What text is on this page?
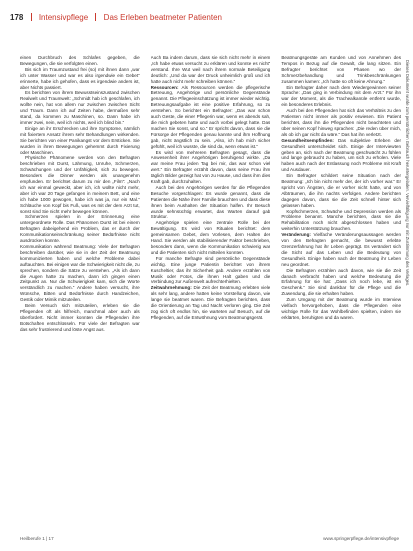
178 Intensivpflege Das Erleben beatmeter Patienten

einen Durchbruch des Schlafes gegeben, die Bewegungen, die sie verfolgten einen.

Bis sich im Traumzustand frei (so) mit ihnen dann „war ich unter Wasser und war es also irgendwie ein Gebet“ erinnerte, habe ich gehofen, dass es irgendwie anders ist, aber Nichts passiert.

Es berichten von ihrem Bewusstseinszustand zwischen Realwelt und Traumwelt: „Schmidt hab ich geschlafen, ich wollte nein, hat von allem nur zwischen zwischen Sicht und Traum. Dann ich auf Zeiten habe, dermaßen sehr stand, da kommen zu Maschinen, so. Dann habe ich immer zwei, nein, weil ich nichts, weil ich blind bin.“

Einige an ihr Erschrecken und ihre Symptome, nämlich mit fixiertem Ansatz ihrem sehr Behandlungen wirkenden. Sie berichten von einer Panikangst vor dem Ersticken. Sie wurden in ihren Bewegungen gehemmt durch Fixierung oder Maschinen.

Physische Phänomene werden von den Befragten beschrieben mit Durst, Lähmung, Unruhe, Schmerzen, Schwächungen und der Unfähigkeit, sich zu bewegen. Besonders die Dinner werden als unangenehm empfunden. Er berichtet darum zu mir den „Film“: „Nach ich war einmal geweckt, aber ich, ich wollte nicht mehr, aber ich war 20 Tage gefangen in meinem Bett, und eine ich habe 1000 gewogen, habe ich was ja, nur ein Mal.“ Schläuche von Kopf bis Fuß, was es mit der dem Arzt tut, sonst sind Sie nicht mehr bewegen können.

Schmerzen spielen in der Erinnerung eine untergeordnete Rolle. Das Phänomen Durst ist bei einem Befragten dabeigehend ein Problem, das er durch der Kommunikationseinschränkung seiner Bedürfnisse nicht ausdrücken konnte.

Kommunikation während Beatmung: Viele der Befragten beschreiben darüber, wie sie in der Zeit der Beatmung kommunizierten haben und welche Probleme dabei auftauchten. Bei einigen war die Schwierigkeit nicht die, zu sprechen, sondern die Sätze zu verstehen. „Als ich dann die Augen hatte zu machen, dann ich gingen einen Zeitpunkt an. Nur die Schwierigkeit kam, sich die Worte verständlich zu machen.“ Andere haben versucht, ihre Wünsche, Bitten und Bedürfnisse durch Handzeichen, Gestik oder Mimik mitzuteilen.

Beim Versuch sich mitzuteilen, erleben sie die Pflegenden oft als hilfreich, manchmal aber auch als überfordert. Nicht immer konnten die Pflegenden ihre Botschaften entschlüsseln. Für viele der Befragten war das sehr frustrierend und löste Angst aus.

Auch Ba indem darum, dass sie sich nicht mehr in einem „Ich habe etwas versucht zu erklären und konnte es nicht“ verstand. Ihre Wut weil nach ihrem normale Beteiligung deutlich: „Und da war der Druck unheimlich groß und ich hatte auch nicht mehr schreiben können.“

Ressourcen: Als Ressourcen werden die pflegerische Betreuung, Angehörige und persönliche Gegenstände genannt. Die Pflegeeinschätzung ist immer wieder wichtig. Betreuungsaufgabe ist eine positive Erfahrung, so zu verstehen. So berichtet ein Befragter: „Das war schon auch Geste, die einer Pflegerin war, wenn es abends sah, die mich gebeten hatte und auch vorbei gelegt hatte. Das machen Sie sonst, und so.“ Er spricht davon, dass sie die Fürsorge der Pflegenden genau kannte und ihm Hoffnung gab, nicht ängstlich zu sein. „Also, ich hab mich sicher gefühlt, weil ich wusste, die sind da, wenn etwas ist.“

Es wird von mehreren Befragten gesagt, dass die Anwesenheit ihrer Angehörigen beruhigend wirkte. „Da war meine Frau jeden Tag bei mir, das war schon viel wert.“ Ein Befragter erzählt davon, dass seine Frau ihm täglich Bilder gezeigt hat von zu Hause, und dass ihm dies Kraft gab, durchzuhalten.

Auch bei den Angehörigen werden für die Pflegenden Besuche vorgeschlagen: Es wurde genannt, dass die Patienten die Nähe ihrer Familie brauchten und dass diese ihnen beim Aushalten der Situation halfen. Ihr Besuch wurde sehnsüchtig erwartet, das Warten darauf gab Struktur.

Angehörige spielen eine zentrale Rolle bei der Bewältigung. Es wird von Ritualen berichtet: dem gemeinsamen Gebet, dem Vorlesen, dem Halten der Hand. Sie werden als stabilisierender Faktor beschrieben, besonders dann, wenn die Kommunikation schwierig war und die Patienten sich nicht mitteilen konnten.

Für manche Befragte sind persönliche Gegenstände wichtig. Eine junge Patientin berichtet von ihrem Kuscheltier, das ihr Sicherheit gab. Andere erzählen von Musik oder Fotos, die ihnen Halt gaben und die Verbindung zur Außenwelt aufrechterhielten.

Zeitwahrnehmung: Die Zeit der Beatmung erlebten viele als sehr lang, andere hatten keine Vorstellung davon, wie lange sie beatmet waren. Die Befragten berichten, dass die Orientierung an Tag und Nacht verloren ging. Die Zeit zog sich oft endlos hin, sie warteten auf Besuch, auf die Pflegenden, auf die Entwöhnung vom Beatmungsgerät.

Beatmungsgeräte am Kunden und von Annehmen des Tempos in Bezug auf die Gewalt, die lang sitzen. Ein Befragter berichtet von Phasen wo der Schmerzbehandlung und Trinkbeschränkungen zusammen kamen: „Ich hatte so oft keine Ahnung.“

Ein Befragter daher nach dem Wiedergewinnen seiner Sprache: „Das ging in Verbindung mit dem Arzt.“ Für ihn war der Moment, als die Trachealkanüle entfernt wurde, ein besonderes Erlebnis.

Auch bei den Pflegenden hat sich das Verhältnis zu den Patienten nicht immer als positiv erwiesen. Ein Patient berichtet, dass ihn die Pflegenden nicht beachteten und über seinen Kopf hinweg sprachen: „Die reden über mich, als ob ich gar nicht da wäre.“ Das hat ihn verletzt.

Gesundheitsempfinden: Das subjektive Erleben der Gesundheit unterscheidet sich. Einige der Interviewten geben an, sich nach der Beatmung geschwächt zu fühlen und lange gebraucht zu haben, um sich zu erholen. Viele haben auch nach der Entlassung noch Probleme mit Kraft und Ausdauer.

Ein Befragter schildert seine Situation nach der Beatmung: „Ich bin nicht mehr der, der ich vorher war.“ Er spricht von Ängsten, die er vorher nicht hatte, und von Albträumen, die ihn nachts verfolgen. Andere berichten dagegen davon, dass sie die Zeit schnell hinter sich gelassen haben.

Kopfschmerzen, Schwäche und Depression werden als Probleme benannt. Manche berichten, dass sie die Rehabilitation noch nicht abgeschlossen haben und weiterhin Unterstützung brauchen.

Veränderung: Vielfache Veränderungsaussagen werden von den Befragten gemacht, die bewusst erlebte Grenzerfahrung hat ihr Leben geprägt. Es verändert sich die Sicht auf das Leben und die Bedeutung von Gesundheit. Einige haben nach der Beatmung ihr Leben neu geordnet.

Die Befragten erzählen auch davon, wie sie die Zeit danach verbracht haben und welche Bedeutung die Erfahrung für sie hat: „Dass ich noch lebe, ist ein Geschenk.“ Sie sind dankbar für die Pflege und die Zuwendung, die sie erhalten haben.

Zum Umgang mit der Beatmung wurde im Interview vielfach hervorgehoben, dass die Pflegenden eine wichtige Rolle für das Wohlbefinden spielten, indem sie erklärten, beruhigten und da waren.

Dieses Dokument wurde zum persönlichen Gebrauch heruntergeladen. Vervielfältigung nur mit Zustimmung des Verlages.
Heilberufe 1 | 17	www.springerpflege.de/intensivpflege
